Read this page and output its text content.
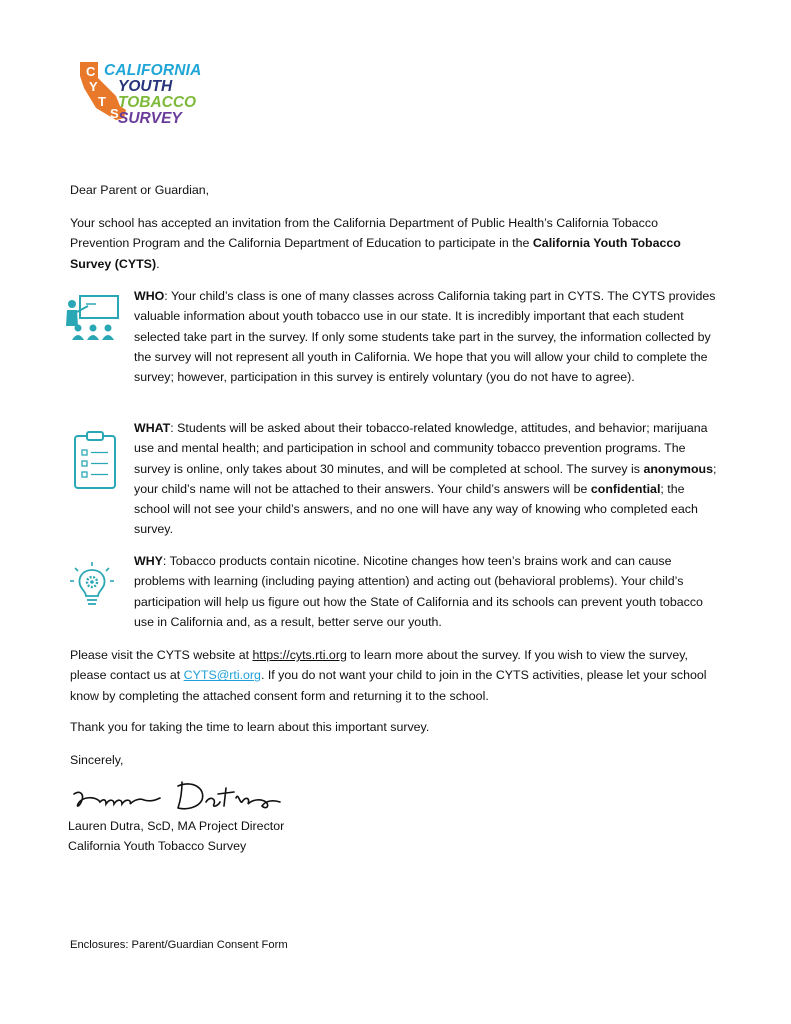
C
Y
T
S
CALIFORNIA
YOUTH
TOBACCO
SURVEY
Dear Parent or Guardian,
Your school has accepted an invitation from the California Department of Public Health’s California Tobacco Prevention Program and the California Department of Education to participate in the California Youth Tobacco Survey (CYTS).
WHO: Your child’s class is one of many classes across California taking part in CYTS. The CYTS provides valuable information about youth tobacco use in our state. It is incredibly important that each student selected take part in the survey. If only some students take part in the survey, the information collected by the survey will not represent all youth in California. We hope that you will allow your child to complete the survey; however, participation in this survey is entirely voluntary (you do not have to agree).
WHAT: Students will be asked about their tobacco-related knowledge, attitudes, and behavior; marijuana use and mental health; and participation in school and community tobacco prevention programs. The survey is online, only takes about 30 minutes, and will be completed at school. The survey is anonymous; your child’s name will not be attached to their answers. Your child’s answers will be confidential; the school will not see your child’s answers, and no one will have any way of knowing who completed each survey.
WHY: Tobacco products contain nicotine. Nicotine changes how teen’s brains work and can cause problems with learning (including paying attention) and acting out (behavioral problems). Your child’s participation will help us figure out how the State of California and its schools can prevent youth tobacco use in California and, as a result, better serve our youth.
Please visit the CYTS website at https://cyts.rti.org to learn more about the survey. If you wish to view the survey, please contact us at CYTS@rti.org. If you do not want your child to join in the CYTS activities, please let your school know by completing the attached consent form and returning it to the school.
Thank you for taking the time to learn about this important survey.
Sincerely,
Lauren Dutra, ScD, MA Project Director
California Youth Tobacco Survey
Enclosures: Parent/Guardian Consent Form
